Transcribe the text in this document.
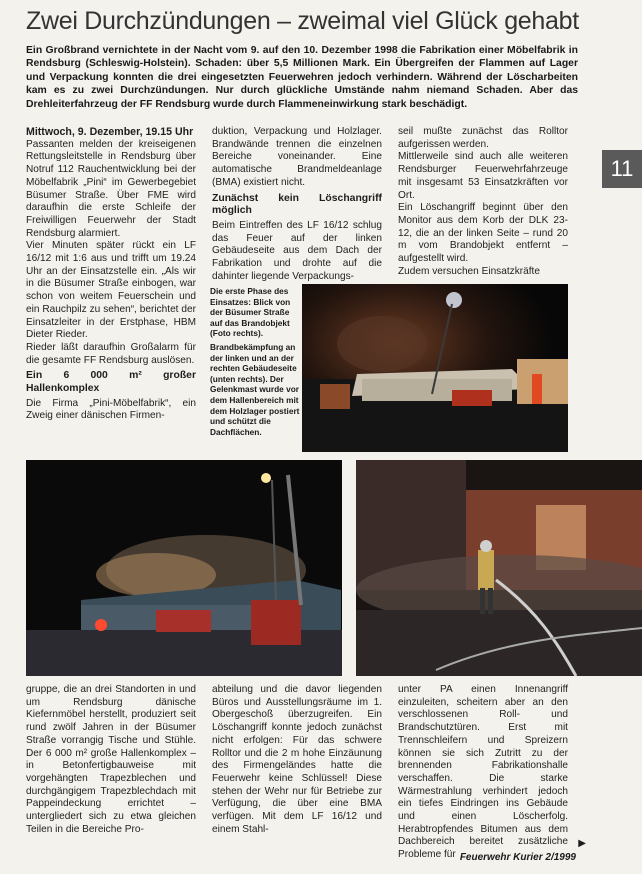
Zwei Durchzündungen – zweimal viel Glück gehabt
Ein Großbrand vernichtete in der Nacht vom 9. auf den 10. Dezember 1998 die Fabrikation einer Möbelfabrik in Rendsburg (Schleswig-Holstein). Schaden: über 5,5 Millionen Mark. Ein Übergreifen der Flammen auf Lager und Verpackung konnten die drei eingesetzten Feuerwehren jedoch verhindern. Während der Löscharbeiten kam es zu zwei Durchzündungen. Nur durch glückliche Umstände nahm niemand Schaden. Aber das Drehleiterfahrzeug der FF Rendsburg wurde durch Flammeneinwirkung stark beschädigt.
11

Mittwoch, 9. Dezember, 19.15 Uhr

Passanten melden der kreiseigenen Rettungsleitstelle in Rendsburg über Notruf 112 Rauchentwicklung bei der Möbelfabrik „Pini“ im Gewerbegebiet Büsumer Straße. Über FME wird daraufhin die erste Schleife der Freiwilligen Feuerwehr der Stadt Rendsburg alarmiert.

Vier Minuten später rückt ein LF 16/12 mit 1:6 aus und trifft um 19.24 Uhr an der Einsatzstelle ein. „Als wir in die Büsumer Straße einbogen, war schon von weitem Feuerschein und ein Rauchpilz zu sehen“, berichtet der Einsatzleiter in der Erstphase, HBM Dieter Rieder.

Rieder läßt daraufhin Großalarm für die gesamte FF Rendsburg auslösen.

Ein 6 000 m² großer Hallenkomplex

Die Firma „Pini-Möbelfabrik“, ein Zweig einer dänischen Firmen-

duktion, Verpackung und Holzlager. Brandwände trennen die einzelnen Bereiche voneinander. Eine automatische Brandmeldeanlage (BMA) existiert nicht.

Zunächst kein Löschangriff möglich

Beim Eintreffen des LF 16/12 schlug das Feuer auf der linken Gebäudeseite aus dem Dach der Fabrikation und drohte auf die dahinter liegende Verpackungs-

seil mußte zunächst das Rolltor aufgerissen werden.

Mittlerweile sind auch alle weiteren Rendsburger Feuerwehrfahrzeuge mit insgesamt 53 Einsatzkräften vor Ort.

Ein Löschangriff beginnt über den Monitor aus dem Korb der DLK 23-12, die an der linken Seite – rund 20 m vom Brandobjekt entfernt – aufgestellt wird.

Zudem versuchen Einsatzkräfte

Die erste Phase des Einsatzes: Blick von der Büsumer Straße auf das Brandobjekt (Foto rechts).

Brandbekämpfung an der linken und an der rechten Gebäudeseite (unten rechts). Der Gelenkmast wurde vor dem Hallenbereich mit dem Holzlager postiert und schützt die Dachflächen.

gruppe, die an drei Standorten in und um Rendsburg dänische Kiefernmöbel herstellt, produziert seit rund zwölf Jahren in der Büsumer Straße vorrangig Tische und Stühle. Der 6 000 m² große Hallenkomplex – in Betonfertigbauweise mit vorgehängten Trapezblechen und durchgängigem Trapezblechdach mit Pappeindeckung errichtet – untergliedert sich zu etwa gleichen Teilen in die Bereiche Pro-

abteilung und die davor liegenden Büros und Ausstellungsräume im 1. Obergeschoß überzugreifen. Ein Löschangriff konnte jedoch zunächst nicht erfolgen: Für das schwere Rolltor und die 2 m hohe Einzäunung des Firmengeländes hatte die Feuerwehr keine Schlüssel! Diese stehen der Wehr nur für Betriebe zur Verfügung, die über eine BMA verfügen. Mit dem LF 16/12 und einem Stahl-

unter PA einen Innenangriff einzuleiten, scheitern aber an den verschlossenen Roll- und Brandschutztüren. Erst mit Trennschleifern und Spreizern können sie sich Zutritt zu der brennenden Fabrikationshalle verschaffen. Die starke Wärmestrahlung verhindert jedoch ein tiefes Eindringen ins Gebäude und einen Löscherfolg. Herabtropfendes Bitumen aus dem Dachbereich bereitet zusätzliche Probleme für

▶
Feuerwehr Kurier 2/1999
